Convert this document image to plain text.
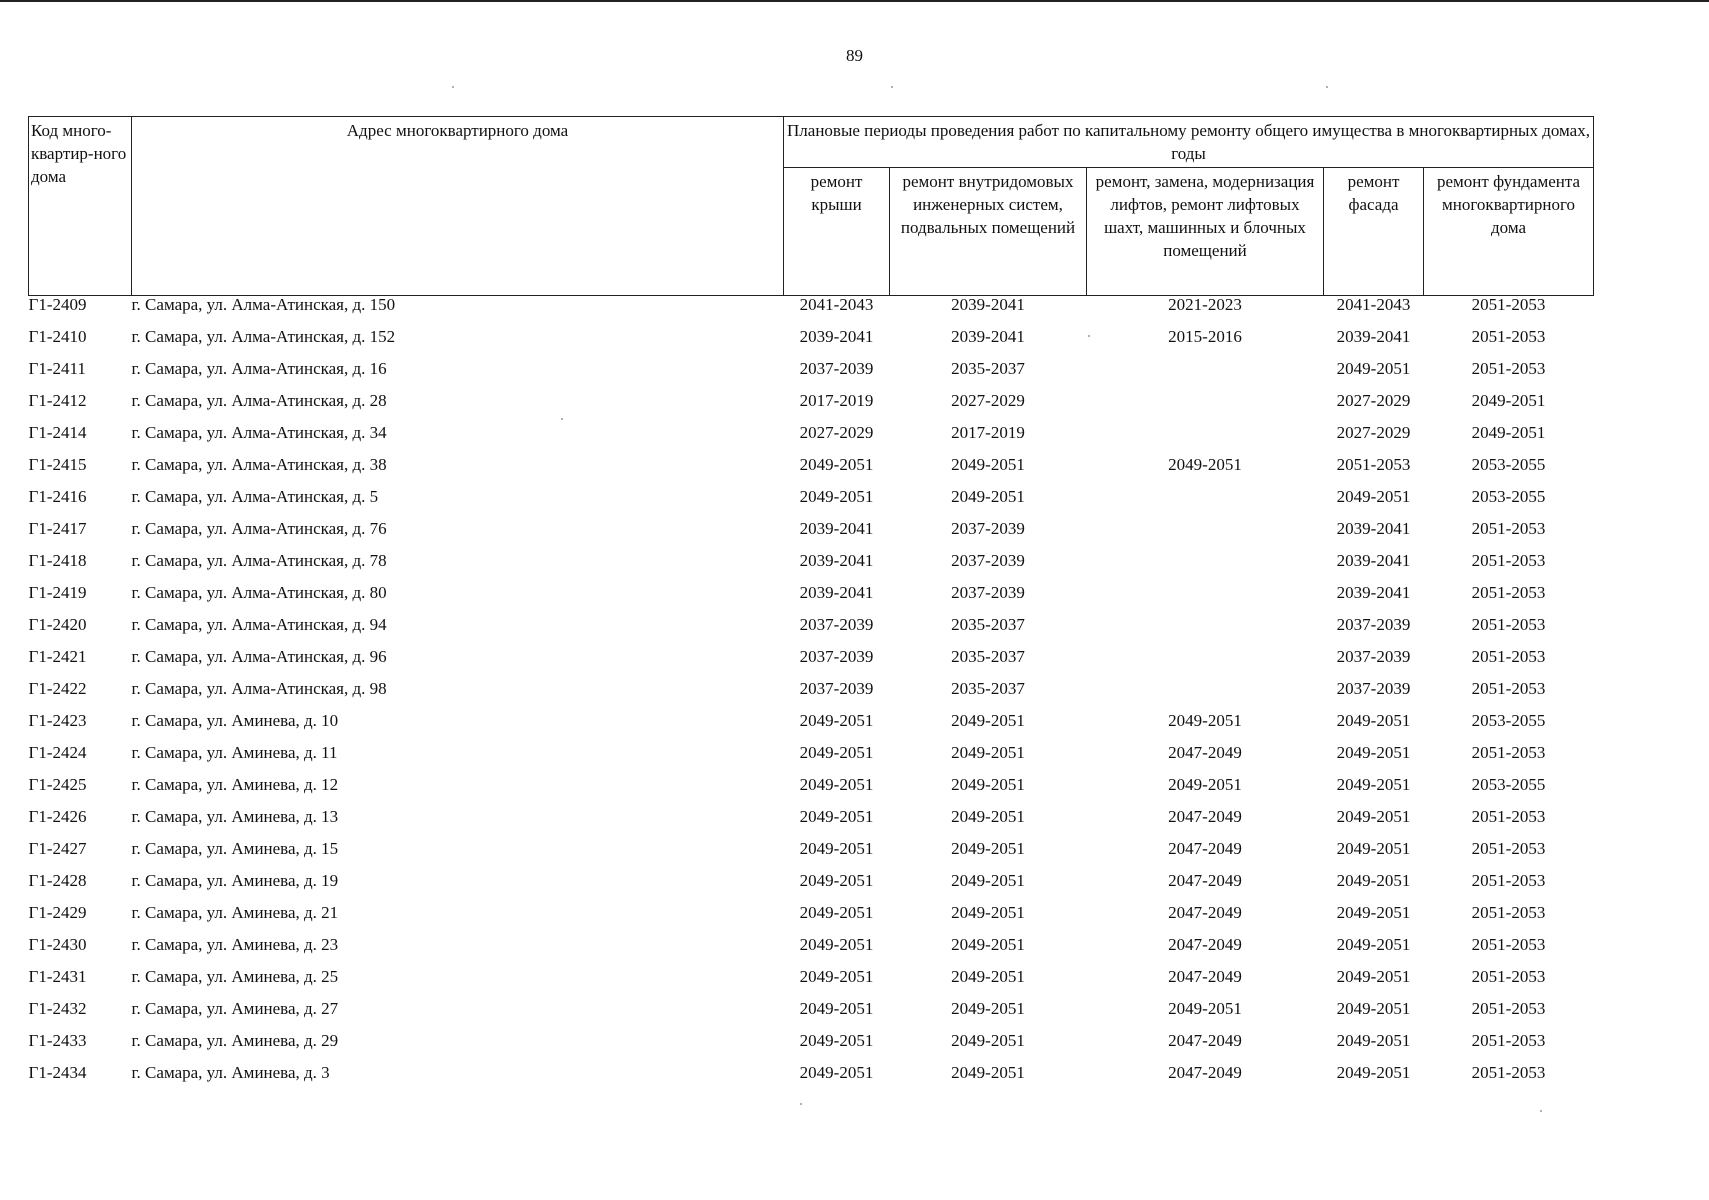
89
Код много-квартир-ного дома	Адрес многоквартирного дома	Плановые периоды проведения работ по капитальному ремонту общего имущества в многоквартирных домах, годы				
		ремонт крыши	ремонт внутридомовых инженерных систем, подвальных помещений	ремонт, замена, модернизация лифтов, ремонт лифтовых шахт, машинных и блочных помещений	ремонт фасада	ремонт фундамента многоквартирного дома
Г1-2409	г. Самара, ул. Алма-Атинская, д. 150	2041-2043	2039-2041	2021-2023	2041-2043	2051-2053
Г1-2410	г. Самара, ул. Алма-Атинская, д. 152	2039-2041	2039-2041	2015-2016	2039-2041	2051-2053
Г1-2411	г. Самара, ул. Алма-Атинская, д. 16	2037-2039	2035-2037		2049-2051	2051-2053
Г1-2412	г. Самара, ул. Алма-Атинская, д. 28	2017-2019	2027-2029		2027-2029	2049-2051
Г1-2414	г. Самара, ул. Алма-Атинская, д. 34	2027-2029	2017-2019		2027-2029	2049-2051
Г1-2415	г. Самара, ул. Алма-Атинская, д. 38	2049-2051	2049-2051	2049-2051	2051-2053	2053-2055
Г1-2416	г. Самара, ул. Алма-Атинская, д. 5	2049-2051	2049-2051		2049-2051	2053-2055
Г1-2417	г. Самара, ул. Алма-Атинская, д. 76	2039-2041	2037-2039		2039-2041	2051-2053
Г1-2418	г. Самара, ул. Алма-Атинская, д. 78	2039-2041	2037-2039		2039-2041	2051-2053
Г1-2419	г. Самара, ул. Алма-Атинская, д. 80	2039-2041	2037-2039		2039-2041	2051-2053
Г1-2420	г. Самара, ул. Алма-Атинская, д. 94	2037-2039	2035-2037		2037-2039	2051-2053
Г1-2421	г. Самара, ул. Алма-Атинская, д. 96	2037-2039	2035-2037		2037-2039	2051-2053
Г1-2422	г. Самара, ул. Алма-Атинская, д. 98	2037-2039	2035-2037		2037-2039	2051-2053
Г1-2423	г. Самара, ул. Аминева, д. 10	2049-2051	2049-2051	2049-2051	2049-2051	2053-2055
Г1-2424	г. Самара, ул. Аминева, д. 11	2049-2051	2049-2051	2047-2049	2049-2051	2051-2053
Г1-2425	г. Самара, ул. Аминева, д. 12	2049-2051	2049-2051	2049-2051	2049-2051	2053-2055
Г1-2426	г. Самара, ул. Аминева, д. 13	2049-2051	2049-2051	2047-2049	2049-2051	2051-2053
Г1-2427	г. Самара, ул. Аминева, д. 15	2049-2051	2049-2051	2047-2049	2049-2051	2051-2053
Г1-2428	г. Самара, ул. Аминева, д. 19	2049-2051	2049-2051	2047-2049	2049-2051	2051-2053
Г1-2429	г. Самара, ул. Аминева, д. 21	2049-2051	2049-2051	2047-2049	2049-2051	2051-2053
Г1-2430	г. Самара, ул. Аминева, д. 23	2049-2051	2049-2051	2047-2049	2049-2051	2051-2053
Г1-2431	г. Самара, ул. Аминева, д. 25	2049-2051	2049-2051	2047-2049	2049-2051	2051-2053
Г1-2432	г. Самара, ул. Аминева, д. 27	2049-2051	2049-2051	2049-2051	2049-2051	2051-2053
Г1-2433	г. Самара, ул. Аминева, д. 29	2049-2051	2049-2051	2047-2049	2049-2051	2051-2053
Г1-2434	г. Самара, ул. Аминева, д. 3	2049-2051	2049-2051	2047-2049	2049-2051	2051-2053
